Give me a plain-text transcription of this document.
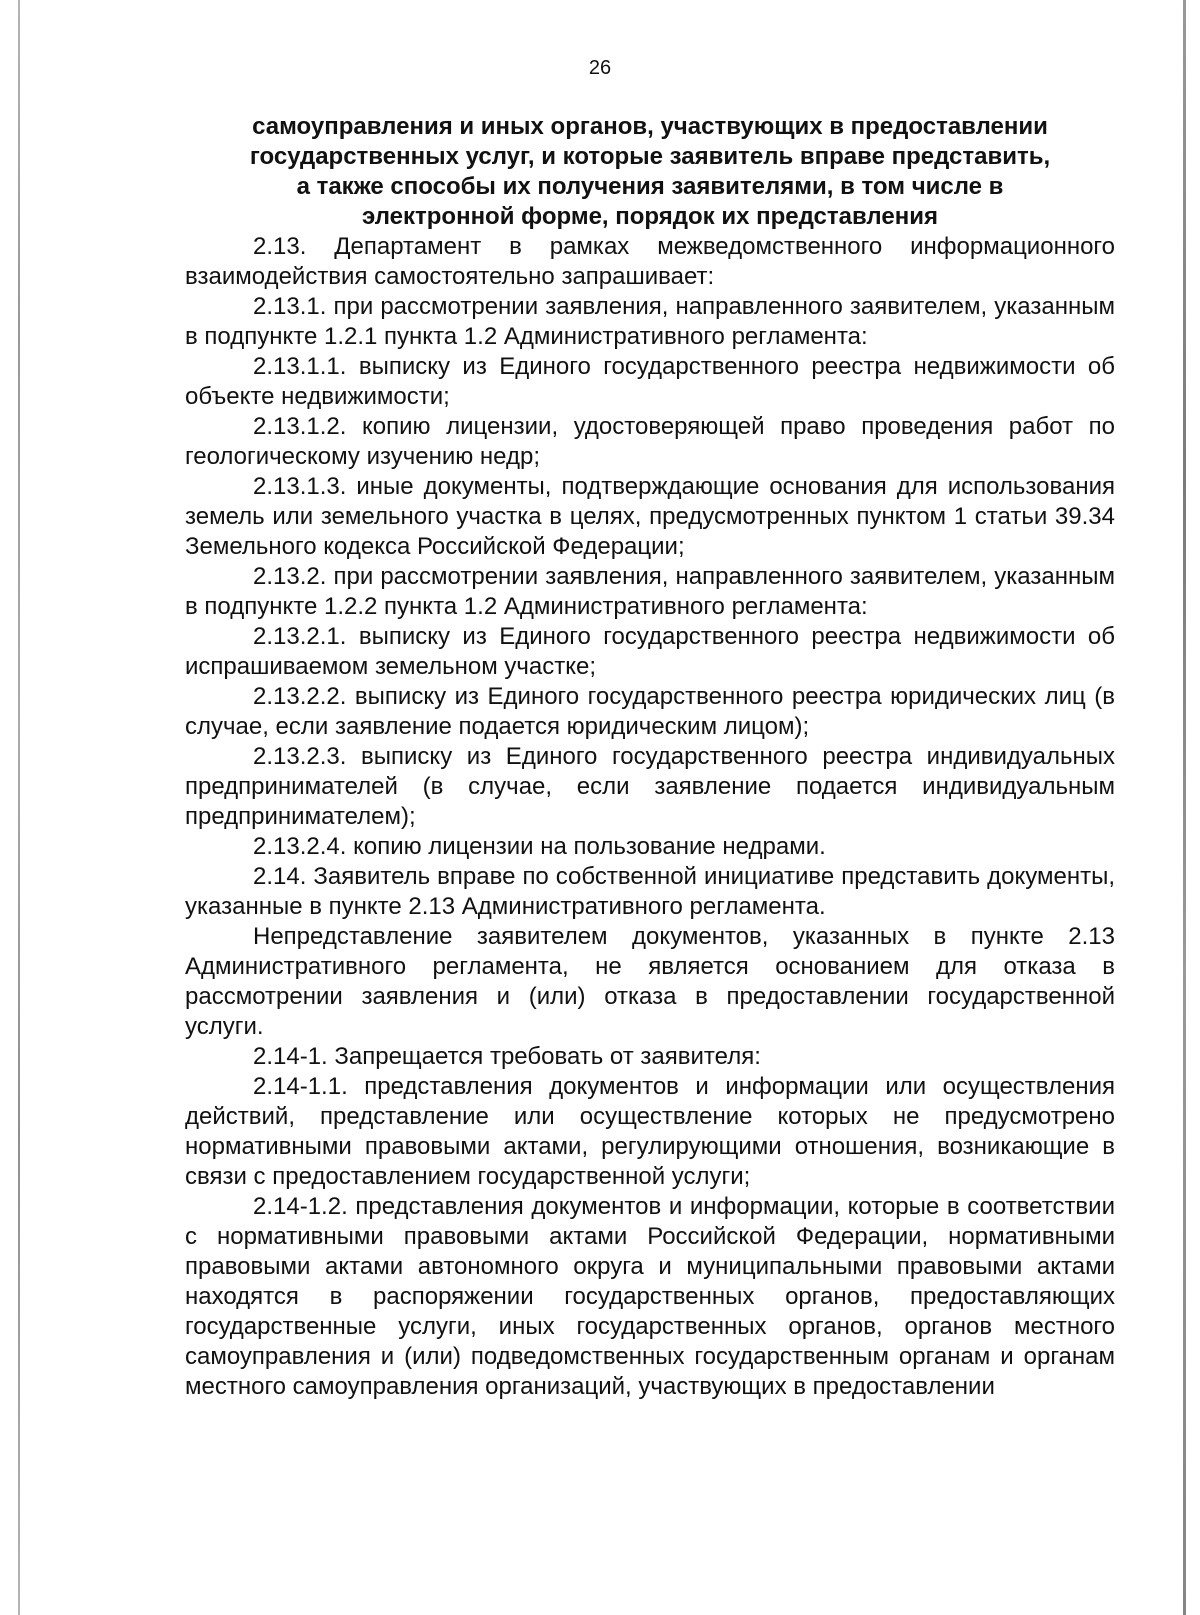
26
самоуправления и иных органов, участвующих в предоставлении
государственных услуг, и которые заявитель вправе представить,
а также способы их получения заявителями, в том числе в
электронной форме, порядок их представления

2.13. Департамент в рамках межведомственного информационного взаимодействия самостоятельно запрашивает:

2.13.1. при рассмотрении заявления, направленного заявителем, указанным в подпункте 1.2.1 пункта 1.2 Административного регламента:

2.13.1.1. выписку из Единого государственного реестра недвижимости об объекте недвижимости;

2.13.1.2. копию лицензии, удостоверяющей право проведения работ по геологическому изучению недр;

2.13.1.3. иные документы, подтверждающие основания для использования земель или земельного участка в целях, предусмотренных пунктом 1 статьи 39.34 Земельного кодекса Российской Федерации;

2.13.2. при рассмотрении заявления, направленного заявителем, указанным в подпункте 1.2.2 пункта 1.2 Административного регламента:

2.13.2.1. выписку из Единого государственного реестра недвижимости об испрашиваемом земельном участке;

2.13.2.2. выписку из Единого государственного реестра юридических лиц (в случае, если заявление подается юридическим лицом);

2.13.2.3. выписку из Единого государственного реестра индивидуальных предпринимателей (в случае, если заявление подается индивидуальным предпринимателем);

2.13.2.4. копию лицензии на пользование недрами.

2.14. Заявитель вправе по собственной инициативе представить документы, указанные в пункте 2.13 Административного регламента.

Непредставление заявителем документов, указанных в пункте 2.13 Административного регламента, не является основанием для отказа в рассмотрении заявления и (или) отказа в предоставлении государственной услуги.

2.14-1. Запрещается требовать от заявителя:

2.14-1.1. представления документов и информации или осуществления действий, представление или осуществление которых не предусмотрено нормативными правовыми актами, регулирующими отношения, возникающие в связи с предоставлением государственной услуги;

2.14-1.2. представления документов и информации, которые в соответствии с нормативными правовыми актами Российской Федерации, нормативными правовыми актами автономного округа и муниципальными правовыми актами находятся в распоряжении государственных органов, предоставляющих государственные услуги, иных государственных органов, органов местного самоуправления и (или) подведомственных государственным органам и органам местного самоуправления организаций, участвующих в предоставлении
